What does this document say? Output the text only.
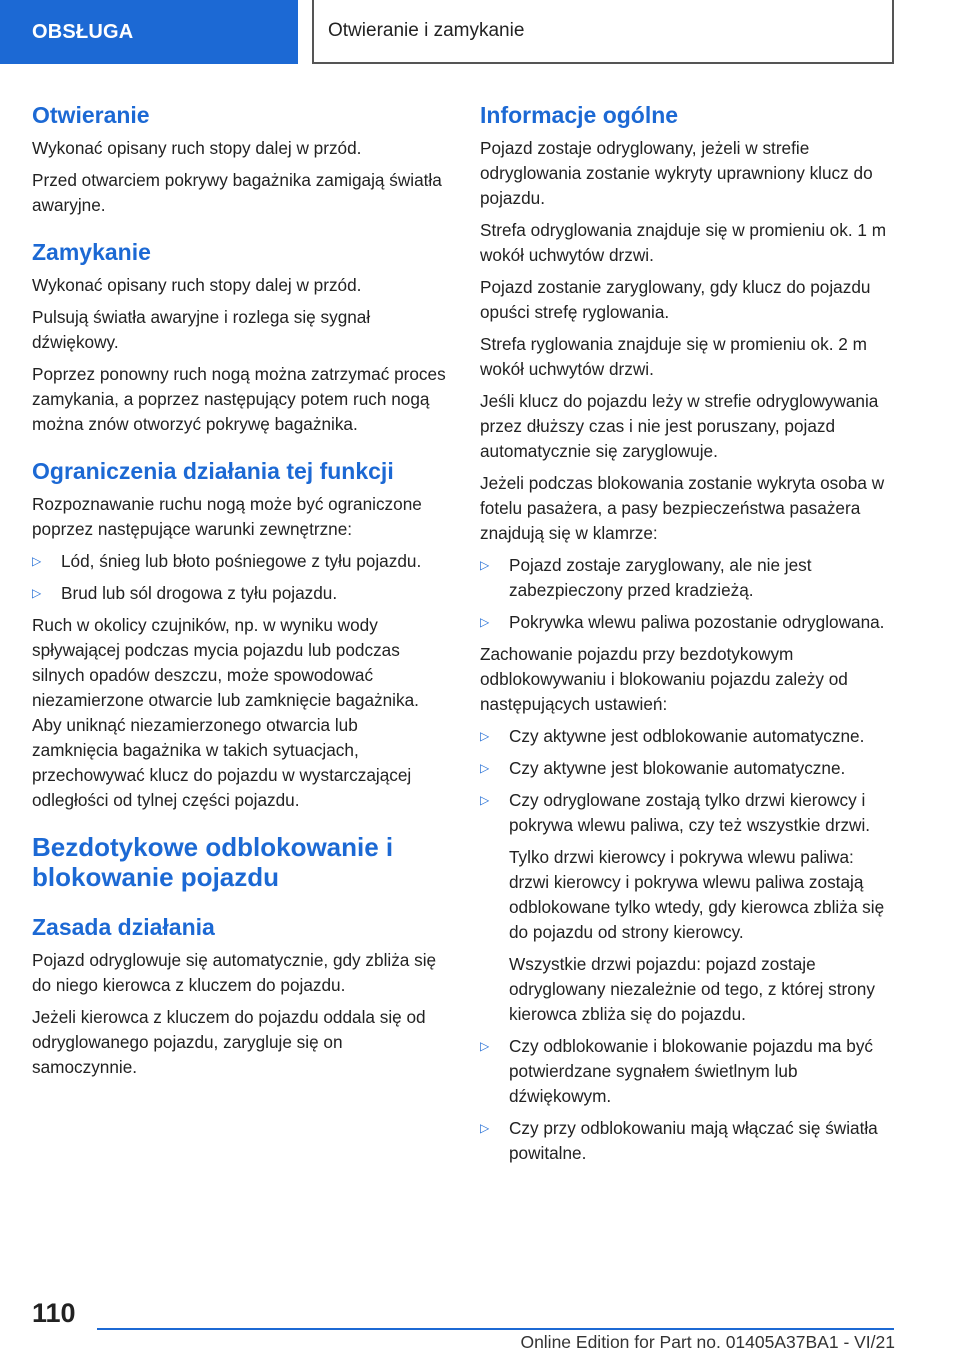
OBSŁUGA	Otwieranie i zamykanie
Otwieranie

Wykonać opisany ruch stopy dalej w przód.

Przed otwarciem pokrywy bagażnika zamigają światła awaryjne.

Zamykanie

Wykonać opisany ruch stopy dalej w przód.

Pulsują światła awaryjne i rozlega się sygnał dźwiękowy.

Poprzez ponowny ruch nogą można zatrzymać proces zamykania, a poprzez następujący potem ruch nogą można znów otworzyć pokrywę bagażnika.

Ograniczenia działania tej funkcji

Rozpoznawanie ruchu nogą może być ograniczone poprzez następujące warunki zewnętrzne:

▷ Lód, śnieg lub błoto pośniegowe z tyłu pojazdu.

▷ Brud lub sól drogowa z tyłu pojazdu.

Ruch w okolicy czujników, np. w wyniku wody spływającej podczas mycia pojazdu lub podczas silnych opadów deszczu, może spowodować niezamierzone otwarcie lub zamknięcie bagażnika. Aby uniknąć niezamierzonego otwarcia lub zamknięcia bagażnika w takich sytuacjach, przechowywać klucz do pojazdu w wystarczającej odległości od tylnej części pojazdu.

Bezdotykowe odblokowanie i blokowanie pojazdu
Zasada działania

Pojazd odryglowuje się automatycznie, gdy zbliża się do niego kierowca z kluczem do pojazdu.

Jeżeli kierowca z kluczem do pojazdu oddala się od odryglowanego pojazdu, zarygluje się on samoczynnie.

Informacje ogólne

Pojazd zostaje odryglowany, jeżeli w strefie odryglowania zostanie wykryty uprawniony klucz do pojazdu.

Strefa odryglowania znajduje się w promieniu ok. 1 m wokół uchwytów drzwi.

Pojazd zostanie zaryglowany, gdy klucz do pojazdu opuści strefę ryglowania.

Strefa ryglowania znajduje się w promieniu ok. 2 m wokół uchwytów drzwi.

Jeśli klucz do pojazdu leży w strefie odryglowywania przez dłuższy czas i nie jest poruszany, pojazd automatycznie się zaryglowuje.

Jeżeli podczas blokowania zostanie wykryta osoba w fotelu pasażera, a pasy bezpieczeństwa pasażera znajdują się w klamrze:

▷ Pojazd zostaje zaryglowany, ale nie jest zabezpieczony przed kradzieżą.

▷ Pokrywka wlewu paliwa pozostanie odryglowana.

Zachowanie pojazdu przy bezdotykowym odblokowywaniu i blokowaniu pojazdu zależy od następujących ustawień:

▷ Czy aktywne jest odblokowanie automatyczne.

▷ Czy aktywne jest blokowanie automatyczne.

▷ Czy odryglowane zostają tylko drzwi kierowcy i pokrywa wlewu paliwa, czy też wszystkie drzwi.

Tylko drzwi kierowcy i pokrywa wlewu paliwa: drzwi kierowcy i pokrywa wlewu paliwa zostają odblokowane tylko wtedy, gdy kierowca zbliża się do pojazdu od strony kierowcy.

Wszystkie drzwi pojazdu: pojazd zostaje odryglowany niezależnie od tego, z której strony kierowca zbliża się do pojazdu.

▷ Czy odblokowanie i blokowanie pojazdu ma być potwierdzane sygnałem świetlnym lub dźwiękowym.

▷ Czy przy odblokowaniu mają włączać się światła powitalne.

110
Online Edition for Part no. 01405A37BA1 - VI/21
